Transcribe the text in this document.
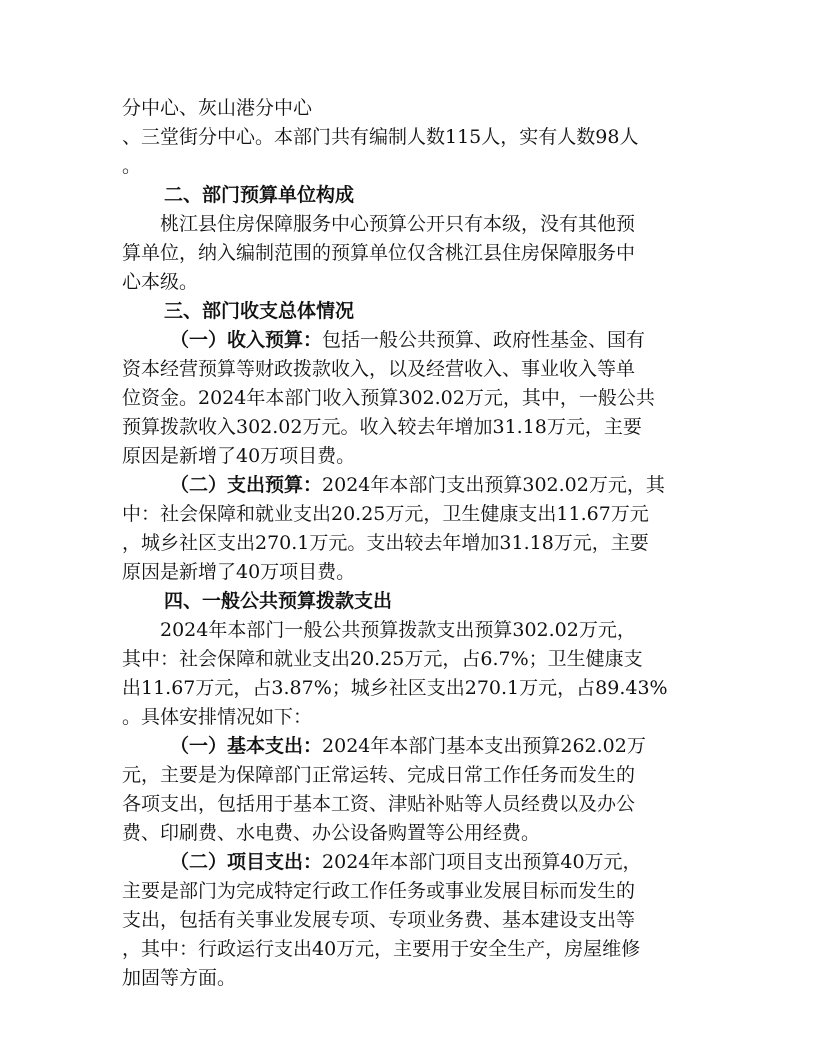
分中心、灰山港分中心
、三堂街分中心。本部门共有编制人数115人，实有人数98人
。
二、部门预算单位构成
桃江县住房保障服务中心预算公开只有本级，没有其他预
算单位，纳入编制范围的预算单位仅含桃江县住房保障服务中
心本级。
三、部门收支总体情况
（一）收入预算：包括一般公共预算、政府性基金、国有
资本经营预算等财政拨款收入，以及经营收入、事业收入等单
位资金。2024年本部门收入预算302.02万元，其中，一般公共
预算拨款收入302.02万元。收入较去年增加31.18万元，主要
原因是新增了40万项目费。
（二）支出预算：2024年本部门支出预算302.02万元，其
中：社会保障和就业支出20.25万元，卫生健康支出11.67万元
，城乡社区支出270.1万元。支出较去年增加31.18万元，主要
原因是新增了40万项目费。
四、一般公共预算拨款支出
2024年本部门一般公共预算拨款支出预算302.02万元，
其中：社会保障和就业支出20.25万元，占6.7%；卫生健康支
出11.67万元，占3.87%；城乡社区支出270.1万元，占89.43%
。具体安排情况如下：
（一）基本支出：2024年本部门基本支出预算262.02万
元，主要是为保障部门正常运转、完成日常工作任务而发生的
各项支出，包括用于基本工资、津贴补贴等人员经费以及办公
费、印刷费、水电费、办公设备购置等公用经费。
（二）项目支出：2024年本部门项目支出预算40万元，
主要是部门为完成特定行政工作任务或事业发展目标而发生的
支出，包括有关事业发展专项、专项业务费、基本建设支出等
，其中：行政运行支出40万元，主要用于安全生产，房屋维修
加固等方面。
